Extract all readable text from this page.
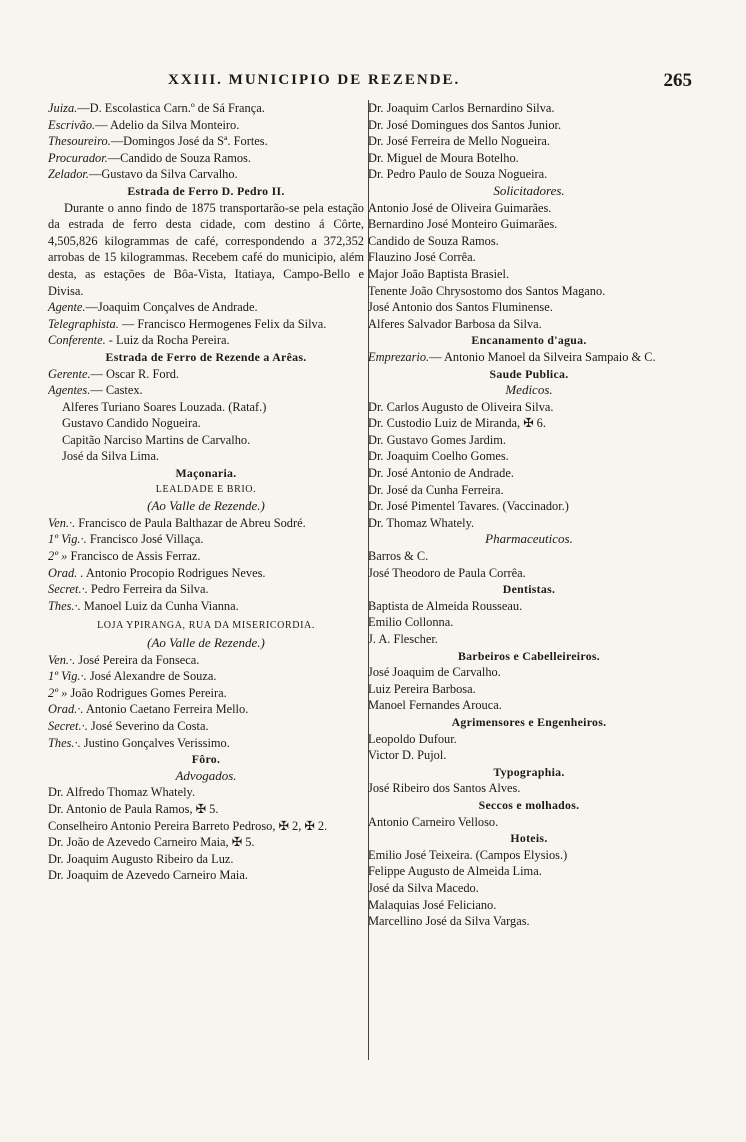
XXIII. MUNICIPIO DE REZENDE.	265
Juiza.—D. Escolastica Carn.º de Sá França.
Escrivão.— Adelio da Silva Monteiro.
Thesoureiro.—Domingos José da Sª. Fortes.
Procurador.—Candido de Souza Ramos.
Zelador.—Gustavo da Silva Carvalho.
Estrada de Ferro D. Pedro II.
Durante o anno findo de 1875 transportarão-se pela estação da estrada de ferro desta cidade, com destino á Côrte, 4,505,826 kilogrammas de café, correspondendo a 372,352 arrobas de 15 kilogrammas. Recebem café do municipio, além desta, as estações de Bôa-Vista, Itatiaya, Campo-Bello e Divisa.
Agente.—Joaquim Conçalves de Andrade.
Telegraphista. — Francisco Hermogenes Felix da Silva.
Conferente. - Luiz da Rocha Pereira.
Estrada de Ferro de Rezende a Arêas.
Gerente.— Oscar R. Ford.
Agentes.— Castex.
Alferes Turiano Soares Louzada. (Rataf.)
Gustavo Candido Nogueira.
Capitão Narciso Martins de Carvalho.
José da Silva Lima.
Maçonaria.
LEALDADE E BRIO.
(Ao Valle de Rezende.)
Ven.·. Francisco de Paula Balthazar de Abreu Sodré.
1º Vig.·. Francisco José Villaça.
2º » Francisco de Assis Ferraz.
Orad. . Antonio Procopio Rodrigues Neves.
Secret.·. Pedro Ferreira da Silva.
Thes.·. Manoel Luiz da Cunha Vianna.
LOJA YPIRANGA, RUA DA MISERICORDIA.
(Ao Valle de Rezende.)
Ven.·. José Pereira da Fonseca.
1º Vig.·. José Alexandre de Souza.
2º » João Rodrigues Gomes Pereira.
Orad.·. Antonio Caetano Ferreira Mello.
Secret.·. José Severino da Costa.
Thes.·. Justino Gonçalves Verissimo.
Fôro.
Advogados.
Dr. Alfredo Thomaz Whately.
Dr. Antonio de Paula Ramos, ✠ 5.
Conselheiro Antonio Pereira Barreto Pedroso, ✠ 2, ✠ 2.
Dr. João de Azevedo Carneiro Maia, ✠ 5.
Dr. Joaquim Augusto Ribeiro da Luz.
Dr. Joaquim de Azevedo Carneiro Maia.
Dr. Joaquim Carlos Bernardino Silva.
Dr. José Domingues dos Santos Junior.
Dr. José Ferreira de Mello Nogueira.
Dr. Miguel de Moura Botelho.
Dr. Pedro Paulo de Souza Nogueira.
Solicitadores.
Antonio José de Oliveira Guimarães.
Bernardino José Monteiro Guimarães.
Candido de Souza Ramos.
Flauzino José Corrêa.
Major João Baptista Brasiel.
Tenente João Chrysostomo dos Santos Magano.
José Antonio dos Santos Fluminense.
Alferes Salvador Barbosa da Silva.
Encanamento d'agua.
Emprezario.— Antonio Manoel da Silveira Sampaio & C.
Saude Publica.
Medicos.
Dr. Carlos Augusto de Oliveira Silva.
Dr. Custodio Luiz de Miranda, ✠ 6.
Dr. Gustavo Gomes Jardim.
Dr. Joaquim Coelho Gomes.
Dr. José Antonio de Andrade.
Dr. José da Cunha Ferreira.
Dr. José Pimentel Tavares. (Vaccinador.)
Dr. Thomaz Whately.
Pharmaceuticos.
Barros & C.
José Theodoro de Paula Corrêa.
Dentistas.
Baptista de Almeida Rousseau.
Emilio Collonna.
J. A. Flescher.
Barbeiros e Cabelleireiros.
José Joaquim de Carvalho.
Luiz Pereira Barbosa.
Manoel Fernandes Arouca.
Agrimensores e Engenheiros.
Leopoldo Dufour.
Victor D. Pujol.
Typographia.
José Ribeiro dos Santos Alves.
Seccos e molhados.
Antonio Carneiro Velloso.
Hoteis.
Emilio José Teixeira. (Campos Elysios.)
Felippe Augusto de Almeida Lima.
José da Silva Macedo.
Malaquias José Feliciano.
Marcellino José da Silva Vargas.
